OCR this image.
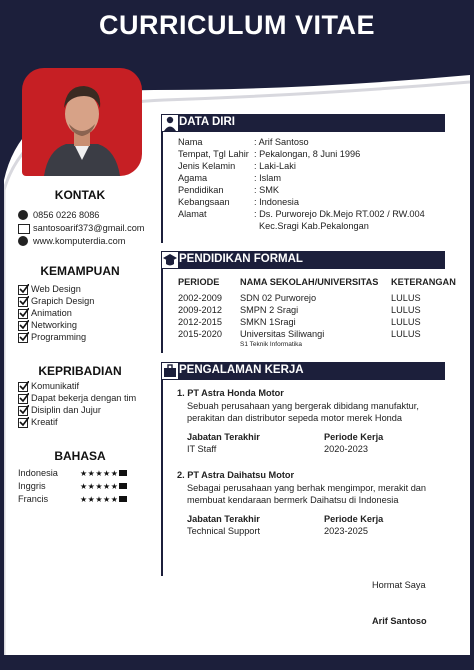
CURRICULUM VITAE
KONTAK
0856 0226 8086
santosoarif373@gmail.com
www.komputerdia.com
KEMAMPUAN
Web Design
Grapich Design
Animation
Networking
Programming
KEPRIBADIAN
Komunikatif
Dapat bekerja dengan tim
Disiplin dan Jujur
Kreatif
BAHASA
Indonesia	★★★★★
Inggris	★★★★★
Francis	★★★★★
DATA DIRI
Nama	: Arif Santoso
Tempat, Tgl Lahir : Pekalongan, 8 Juni 1996
Jenis Kelamin : Laki-Laki
Agama	: Islam
Pendidikan	: SMK
Kebangsaan	: Indonesia
Alamat	: Ds. Purworejo Dk.Mejo RT.002 / RW.004
Kec.Sragi Kab.Pekalongan
PENDIDIKAN FORMAL
PERIODE NAMA SEKOLAH/UNIVERSITAS KETERANGAN
2002-2009 SDN 02 Purworejo	LULUS
2009-2012 SMPN 2 Sragi	LULUS
2012-2015 SMKN 1Sragi	LULUS
2015-2020 Universitas Siliwangi	LULUS
S1 Teknik Informatika
PENGALAMAN KERJA
1. PT Astra Honda Motor
Sebuah perusahaan yang bergerak dibidang manufaktur,
perakitan dan distributor sepeda motor merek Honda
Jabatan Terakhir	Periode Kerja
IT Staff	2020-2023
2. PT Astra Daihatsu Motor
Sebagai perusahaan yang berhak mengimpor, merakit dan
membuat kendaraan bermerk Daihatsu di Indonesia
Jabatan Terakhir	Periode Kerja
Technical Support	2023-2025
Hormat Saya
Arif Santoso
